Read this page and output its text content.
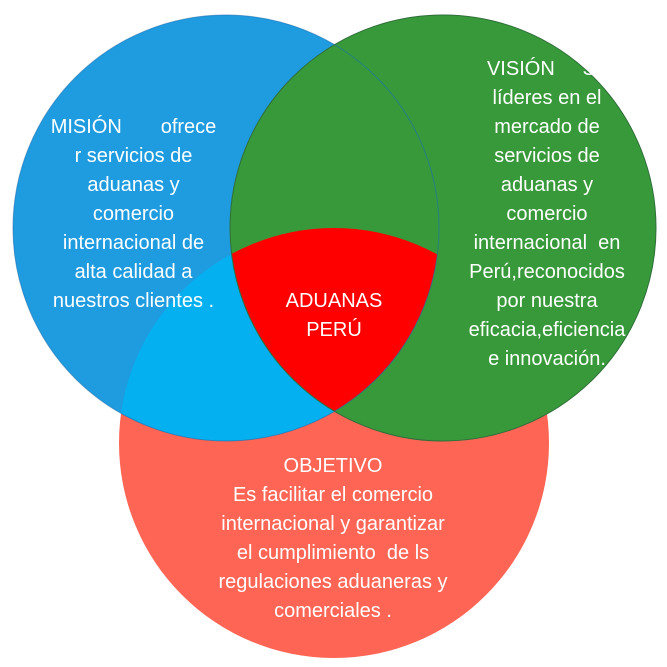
MISIÓN       ofrece
r servicios de
aduanas y
comercio
internacional de
alta calidad a
nuestros clientes .

VISIÓN     Se
líderes en el
mercado de
servicios de
aduanas y
comercio
internacional  en
Perú,reconocidos
por nuestra
eficacia,eficiencia
e innovación.

ADUANAS
PERÚ

OBJETIVO
Es facilitar el comercio
internacional y garantizar
el cumplimiento  de ls
regulaciones aduaneras y
comerciales .
